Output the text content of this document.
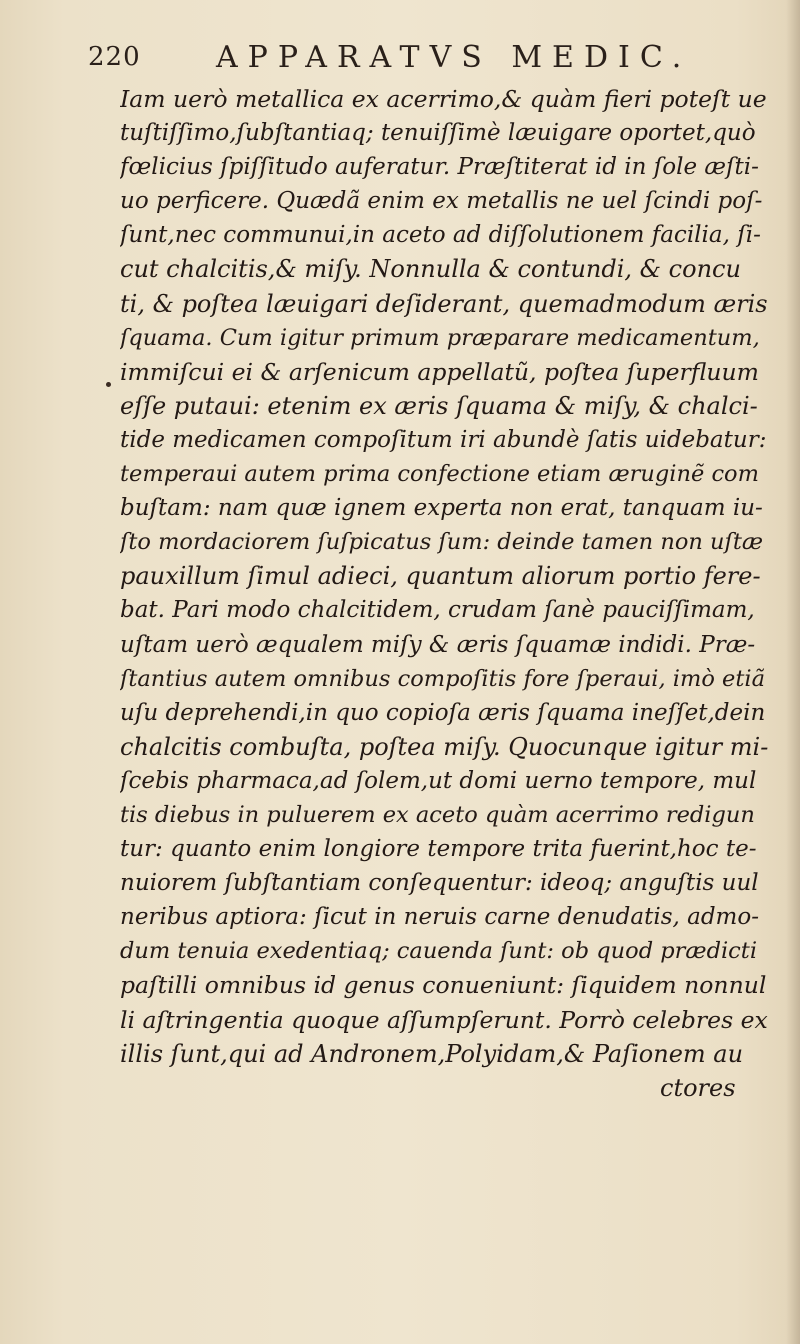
220	APPARATVS MEDIC.
Iam uerò metallica ex acerrimo,& quàm fieri poteſt ue
tuſtiſſimo,ſubſtantiaq; tenuiſſimè læuigare oportet,quò
fœlicius ſpiſſitudo auferatur. Præſtiterat id in ſole æſti-
uo perficere. Quædã enim ex metallis ne uel ſcindi poſ-
ſunt,nec communui,in aceto ad diſſolutionem facilia, ſi-
cut chalcitis,& miſy. Nonnulla & contundi, & concu
ti, & poſtea læuigari deſiderant, quemadmodum æris
ſquama. Cum igitur primum præparare medicamentum,
immiſcui ei & arſenicum appellatũ, poſtea ſuperfluum
eſſe putaui: etenim ex æris ſquama & miſy, & chalci-
tide medicamen compoſitum iri abundè ſatis uidebatur:
temperaui autem prima confectione etiam æruginẽ com
buſtam: nam quæ ignem experta non erat, tanquam iu-
ſto mordaciorem ſuſpicatus ſum: deinde tamen non uſtæ
pauxillum ſimul adieci, quantum aliorum portio fere-
bat. Pari modo chalcitidem, crudam ſanè pauciſſimam,
uſtam uerò æqualem miſy & æris ſquamæ indidi. Præ-
ſtantius autem omnibus compoſitis fore ſperaui, imò etiã
uſu deprehendi,in quo copioſa æris ſquama ineſſet,dein
chalcitis combuſta, poſtea miſy. Quocunque igitur mi-
ſcebis pharmaca,ad ſolem,ut domi uerno tempore, mul
tis diebus in puluerem ex aceto quàm acerrimo redigun
tur: quanto enim longiore tempore trita fuerint,hoc te-
nuiorem ſubſtantiam conſequentur: ideoq; anguſtis uul
neribus aptiora: ſicut in neruis carne denudatis, admo-
dum tenuia exedentiaq; cauenda ſunt: ob quod prædicti
paſtilli omnibus id genus conueniunt: ſiquidem nonnul
li aſtringentia quoque aſſumpſerunt. Porrò celebres ex
illis ſunt,qui ad Andronem,Polyidam,& Paſionem au
ctores
